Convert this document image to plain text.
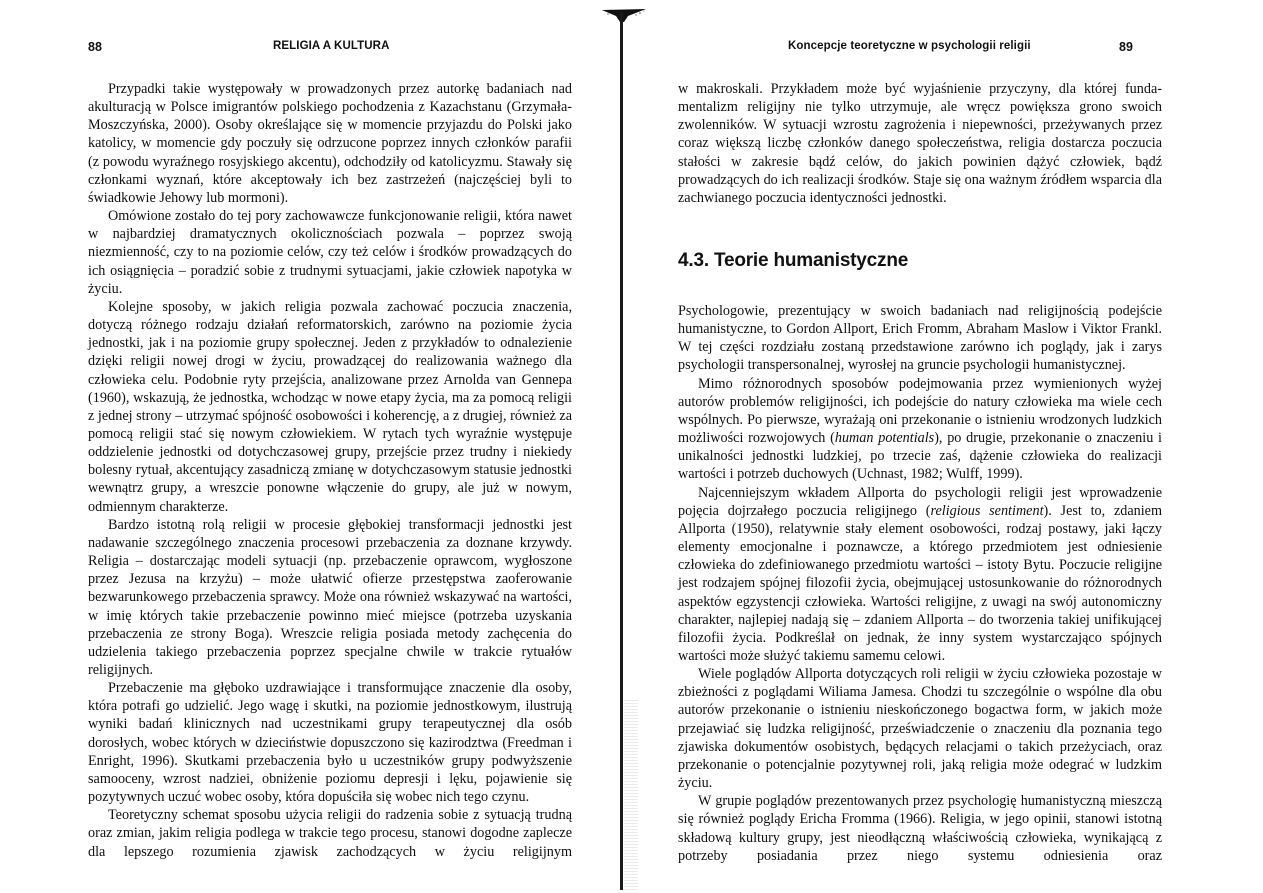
88	RELIGIA A KULTURA

Przypadki takie występowały w prowadzonych przez autorkę badaniach nad akulturacją w Polsce imigrantów polskiego pochodzenia z Kazachstanu (Grzymała-Moszczyńska, 2000). Osoby określające się w momencie przyjazdu do Polski jako katolicy, w momencie gdy poczuły się odrzucone poprzez innych członków parafii (z powodu wyraźnego rosyjskiego akcentu), odchodziły od katolicyzmu. Stawały się członkami wyznań, które akceptowały ich bez zastrzeżeń (najczęściej byli to świadkowie Jehowy lub mormoni).

Omówione zostało do tej pory zachowawcze funkcjonowanie religii, która nawet w najbardziej dramatycznych okolicznościach pozwala – poprzez swoją niezmienność, czy to na poziomie celów, czy też celów i środków prowadzących do ich osiągnięcia – poradzić sobie z trudnymi sytuacjami, jakie człowiek napotyka w życiu.

Kolejne sposoby, w jakich religia pozwala zachować poczucia znaczenia, dotyczą różnego rodzaju działań reformatorskich, zarówno na poziomie życia jednostki, jak i na poziomie grupy społecznej. Jeden z przykładów to odnalezienie dzięki religii nowej drogi w życiu, prowadzącej do realizowania ważnego dla człowieka celu. Podobnie ryty przejścia, analizowane przez Arnolda van Gennepa (1960), wskazują, że jednostka, wchodząc w nowe etapy życia, ma za pomocą religii z jednej strony – utrzymać spójność osobowości i koherencję, a z drugiej, również za pomocą religii stać się nowym człowiekiem. W rytach tych wyraźnie występuje oddzielenie jednostki od dotychczasowej grupy, przejście przez trudny i niekiedy bolesny rytuał, akcentujący zasadniczą zmianę w dotychczasowym statusie jednostki wewnątrz grupy, a wreszcie ponowne włączenie do grupy, ale już w nowym, odmiennym charakterze.

Bardzo istotną rolą religii w procesie głębokiej transformacji jednostki jest nadawanie szczególnego znaczenia procesowi przebaczenia za doznane krzywdy. Religia – dostarczając modeli sytuacji (np. przebaczenie oprawcom, wygłoszone przez Jezusa na krzyżu) – może ułatwić ofierze przestępstwa zaoferowanie bezwarunkowego przebaczenia sprawcy. Może ona również wskazywać na wartości, w imię których takie przebaczenie powinno mieć miejsce (potrzeba uzyskania przebaczenia ze strony Boga). Wreszcie religia posiada metody zachęcenia do udzielenia takiego przebaczenia poprzez specjalne chwile w trakcie rytuałów religijnych.

Przebaczenie ma głęboko uzdrawiające i transformujące znaczenie dla osoby, która potrafi go udzielić. Jego wagę i skutki, na poziomie jednostkowym, ilustrują wyniki badań klinicznych nad uczestnikami grupy terapeutycznej dla osób dorosłych, wobec których w dzieciństwie dopuszczono się kazirodztwa (Freedman i Enright, 1996). Skutkami przebaczenia było u uczestników grupy podwyższenie samooceny, wzrost nadziei, obniżenie poziomu depresji i lęku, pojawienie się pozytywnych uczuć wobec osoby, która dopuściła się wobec nich tego czynu.

Teoretyczny schemat sposobu użycia religii do radzenia sobie z sytuacją trudną oraz zmian, jakim religia podlega w trakcie tego procesu, stanowi dogodne zaplecze dla lepszego rozumienia zjawisk zachodzących w życiu religijnym

Koncepcje teoretyczne w psychologii religii	89

w makroskali. Przykładem może być wyjaśnienie przyczyny, dla której fundamentalizm religijny nie tylko utrzymuje, ale wręcz powiększa grono swoich zwolenników. W sytuacji wzrostu zagrożenia i niepewności, przeżywanych przez coraz większą liczbę członków danego społeczeństwa, religia dostarcza poczucia stałości w zakresie bądź celów, do jakich powinien dążyć człowiek, bądź prowadzących do ich realizacji środków. Staje się ona ważnym źródłem wsparcia dla zachwianego poczucia identyczności jednostki.

4.3. Teorie humanistyczne

Psychologowie, prezentujący w swoich badaniach nad religijnością podejście humanistyczne, to Gordon Allport, Erich Fromm, Abraham Maslow i Viktor Frankl. W tej części rozdziału zostaną przedstawione zarówno ich poglądy, jak i zarys psychologii transpersonalnej, wyrosłej na gruncie psychologii humanistycznej.

Mimo różnorodnych sposobów podejmowania przez wymienionych wyżej autorów problemów religijności, ich podejście do natury człowieka ma wiele cech wspólnych. Po pierwsze, wyrażają oni przekonanie o istnieniu wrodzonych ludzkich możliwości rozwojowych (human potentials), po drugie, przekonanie o znaczeniu i unikalności jednostki ludzkiej, po trzecie zaś, dążenie człowieka do realizacji wartości i potrzeb duchowych (Uchnast, 1982; Wulff, 1999).

Najcenniejszym wkładem Allporta do psychologii religii jest wprowadzenie pojęcia dojrzałego poczucia religijnego (religious sentiment). Jest to, zdaniem Allporta (1950), relatywnie stały element osobowości, rodzaj postawy, jaki łączy elementy emocjonalne i poznawcze, a którego przedmiotem jest odniesienie człowieka do zdefiniowanego przedmiotu wartości – istoty Bytu. Poczucie religijne jest rodzajem spójnej filozofii życia, obejmującej ustosunkowanie do różnorodnych aspektów egzystencji człowieka. Wartości religijne, z uwagi na swój autonomiczny charakter, najlepiej nadają się – zdaniem Allporta – do tworzenia takiej unifikującej filozofii życia. Podkreślał on jednak, że inny system wystarczająco spójnych wartości może służyć takiemu samemu celowi.

Wiele poglądów Allporta dotyczących roli religii w życiu człowieka pozostaje w zbieżności z poglądami Wiliama Jamesa. Chodzi tu szczególnie o wspólne dla obu autorów przekonanie o istnieniu nieskończonego bogactwa form, w jakich może przejawiać się ludzka religijność, przeświadczenie o znaczeniu dla poznania tego zjawiska dokumentów osobistych, będących relacjami o takich przeżyciach, oraz przekonanie o potencjalnie pozytywnej roli, jaką religia może odegrać w ludzkim życiu.

W grupie poglądów prezentowanych przez psychologię humanistyczną mieszczą się również poglądy Ericha Fromma (1966). Religia, w jego opinii, stanowi istotną składową kultury grupy, jest nieodłączną właściwością człowieka, wynikającą z potrzeby posiadania przez niego systemu odniesienia oraz
